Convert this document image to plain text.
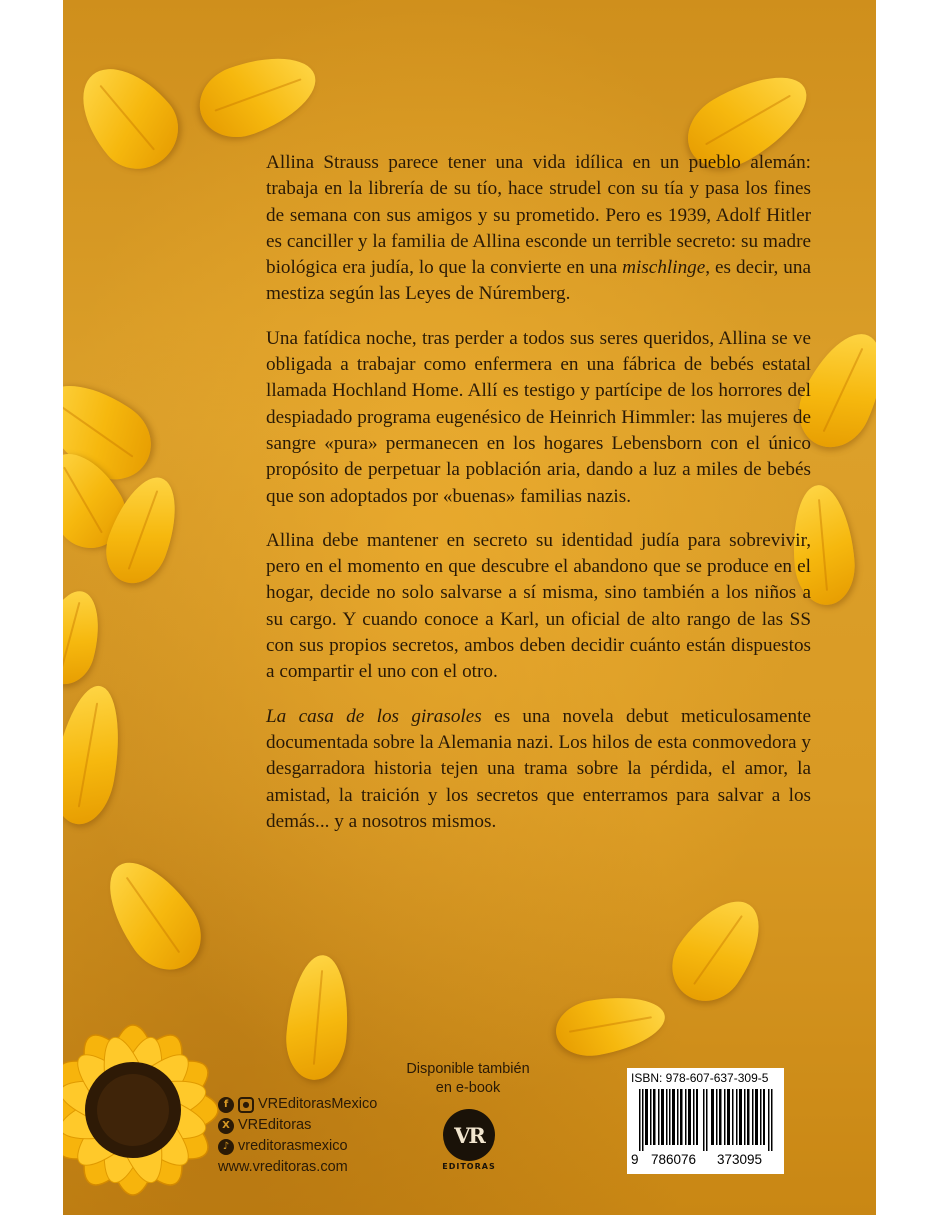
Allina Strauss parece tener una vida idílica en un pueblo alemán: trabaja en la librería de su tío, hace strudel con su tía y pasa los fines de semana con sus amigos y su prometido. Pero es 1939, Adolf Hitler es canciller y la familia de Allina esconde un terrible secreto: su madre biológica era judía, lo que la convierte en una mischlinge, es decir, una mestiza según las Leyes de Núremberg.

Una fatídica noche, tras perder a todos sus seres queridos, Allina se ve obligada a trabajar como enfermera en una fábrica de bebés estatal llamada Hochland Home. Allí es testigo y partícipe de los horrores del despiadado programa eugenésico de Heinrich Himmler: las mujeres de sangre «pura» permanecen en los hogares Lebensborn con el único propósito de perpetuar la población aria, dando a luz a miles de bebés que son adoptados por «buenas» familias nazis.

Allina debe mantener en secreto su identidad judía para sobrevivir, pero en el momento en que descubre el abandono que se produce en el hogar, decide no solo salvarse a sí misma, sino también a los niños a su cargo. Y cuando conoce a Karl, un oficial de alto rango de las SS con sus propios secretos, ambos deben decidir cuánto están dispuestos a compartir el uno con el otro.

La casa de los girasoles es una novela debut meticulosamente documentada sobre la Alemania nazi. Los hilos de esta conmovedora y desgarradora historia tejen una trama sobre la pérdida, el amor, la amistad, la traición y los secretos que enterramos para salvar a los demás... y a nosotros mismos.

f	● VREditorasMexico
X VREditoras
♪ vreditorasmexico
www.vreditoras.com
Disponible también
en e-book
VR
EDITORAS
ISBN: 978-607-637-309-5
9 786076 373095
